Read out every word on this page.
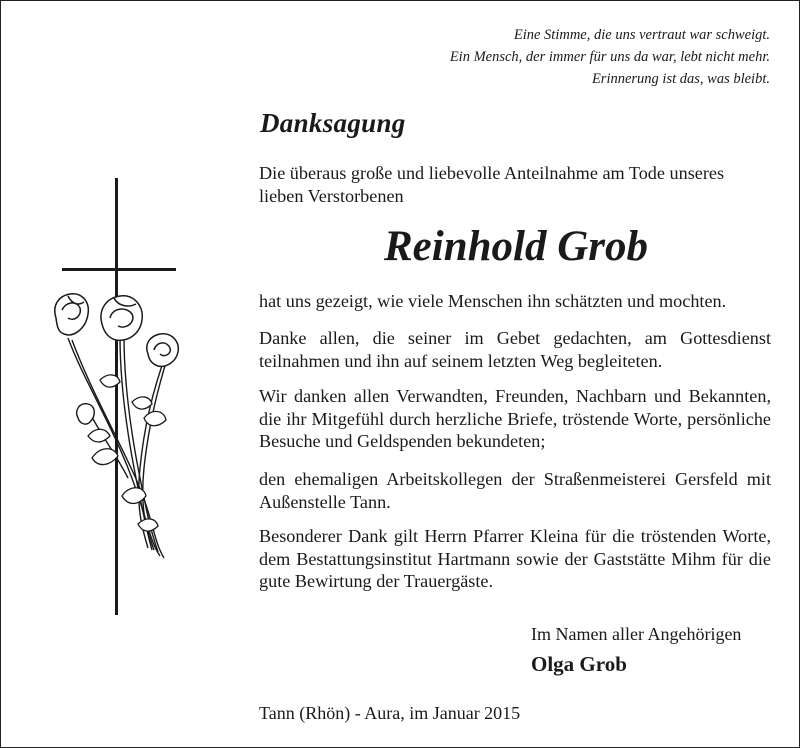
Eine Stimme, die uns vertraut war schweigt.
Ein Mensch, der immer für uns da war, lebt nicht mehr.
Erinnerung ist das, was bleibt.
Danksagung
Die überaus große und liebevolle Anteilnahme am Tode unseres lieben Verstorbenen
Reinhold Grob
hat uns gezeigt, wie viele Menschen ihn schätzten und mochten.
Danke allen, die seiner im Gebet gedachten, am Gottesdienst teilnahmen und ihn auf seinem letzten Weg begleiteten.
Wir danken allen Verwandten, Freunden, Nachbarn und Bekannten, die ihr Mitgefühl durch herzliche Briefe, tröstende Worte, persönliche Besuche und Geldspenden bekundeten;
den ehemaligen Arbeitskollegen der Straßenmeisterei Gersfeld mit Außenstelle Tann.
Besonderer Dank gilt Herrn Pfarrer Kleina für die tröstenden Worte, dem Bestattungsinstitut Hartmann sowie der Gaststätte Mihm für die gute Bewirtung der Trauergäste.
Im Namen aller Angehörigen
Olga Grob
Tann (Rhön) - Aura, im Januar 2015
